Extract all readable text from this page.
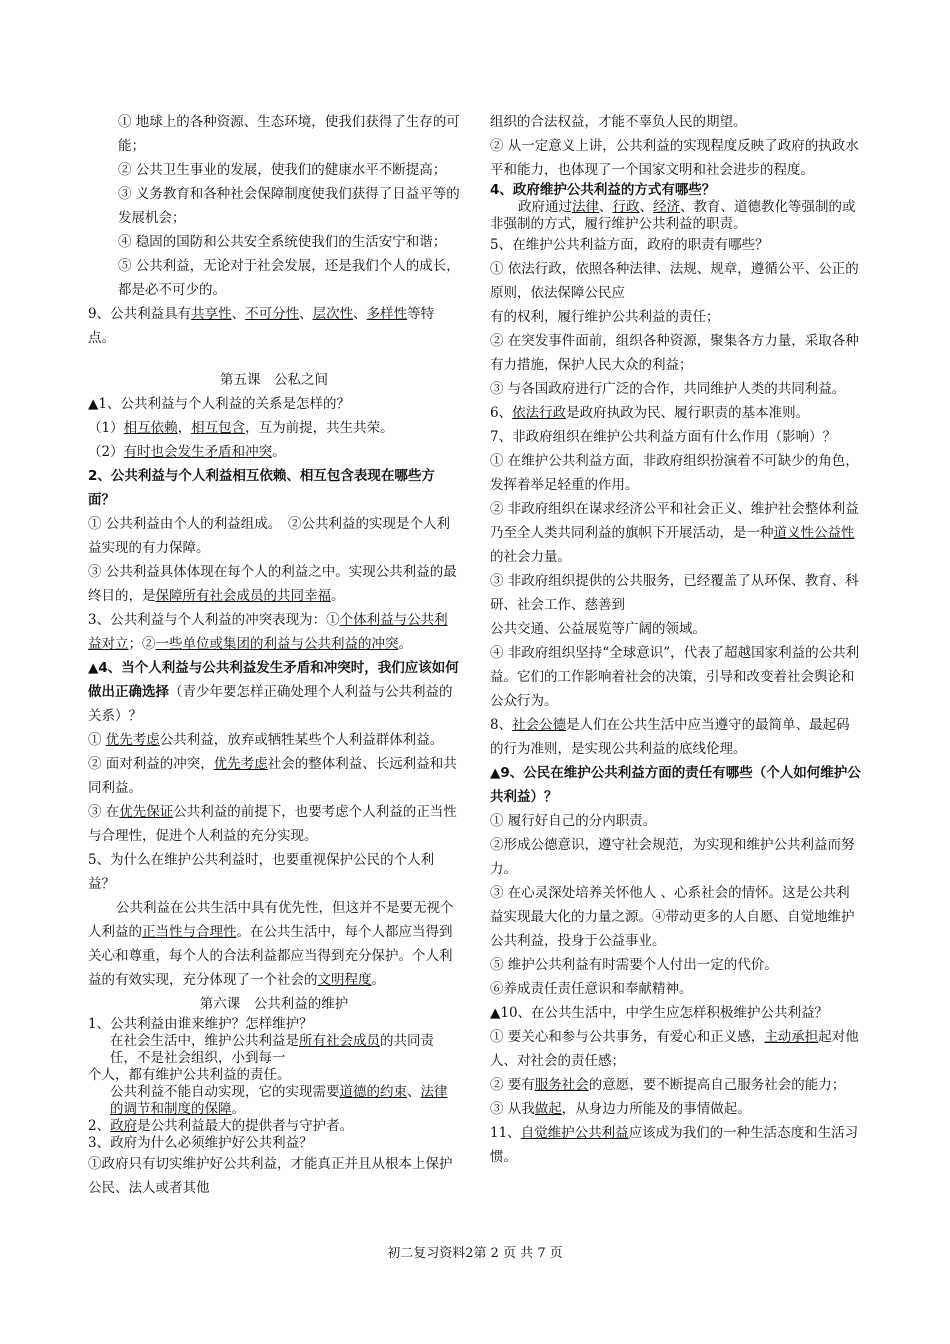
① 地球上的各种资源、生态环境，使我们获得了生存的可能；

② 公共卫生事业的发展，使我们的健康水平不断提高；

③ 义务教育和各种社会保障制度使我们获得了日益平等的发展机会；

④ 稳固的国防和公共安全系统使我们的生活安宁和谐；

⑤ 公共利益，无论对于社会发展，还是我们个人的成长，都是必不可少的。

9、公共利益具有共享性、不可分性、层次性、多样性等特点。

第五课　公私之间

▲1、公共利益与个人利益的关系是怎样的？

（1）相互依赖，相互包含，互为前提，共生共荣。

（2）有时也会发生矛盾和冲突。

2、公共利益与个人利益相互依赖、相互包含表现在哪些方面？

① 公共利益由个人的利益组成。　②公共利益的实现是个人利益实现的有力保障。

③ 公共利益具体体现在每个人的利益之中。实现公共利益的最终目的，是保障所有社会成员的共同幸福。

3、公共利益与个人利益的冲突表现为：①个体利益与公共利益对立；②一些单位或集团的利益与公共利益的冲突。

▲4、当个人利益与公共利益发生矛盾和冲突时，我们应该如何做出正确选择（青少年要怎样正确处理个人利益与公共利益的关系）？

① 优先考虑公共利益，放弃或牺牲某些个人利益群体利益。

② 面对利益的冲突，优先考虑社会的整体利益、长远利益和共同利益。

③ 在优先保证公共利益的前提下，也要考虑个人利益的正当性与合理性，促进个人利益的充分实现。

5、为什么在维护公共利益时，也要重视保护公民的个人利益？

公共利益在公共生活中具有优先性，但这并不是要无视个人利益的正当性与合理性。在公共生活中，每个人都应当得到关心和尊重，每个人的合法利益都应当得到充分保护。个人利益的有效实现，充分体现了一个社会的文明程度。

第六课　公共利益的维护

1、公共利益由谁来维护？怎样维护？

在社会生活中，维护公共利益是所有社会成员的共同责任，不是社会组织，小到每一

个人，都有维护公共利益的责任。

公共利益不能自动实现，它的实现需要道德的约束、法律的调节和制度的保障。

2、政府是公共利益最大的提供者与守护者。

3、政府为什么必须维护好公共利益？

①政府只有切实维护好公共利益，才能真正并且从根本上保护公民、法人或者其他

组织的合法权益，才能不辜负人民的期望。

② 从一定意义上讲，公共利益的实现程度反映了政府的执政水平和能力，也体现了一个国家文明和社会进步的程度。

4、政府维护公共利益的方式有哪些？

政府通过法律、行政、经济、教育、道德教化等强制的或非强制的方式，履行维护公共利益的职责。

5、在维护公共利益方面，政府的职责有哪些？

① 依法行政，依照各种法律、法规、规章，遵循公平、公正的原则，依法保障公民应

有的权利，履行维护公共利益的责任；

② 在突发事件面前，组织各种资源，聚集各方力量，采取各种有力措施，保护人民大众的利益；

③ 与各国政府进行广泛的合作，共同维护人类的共同利益。

6、依法行政是政府执政为民、履行职责的基本准则。

7、非政府组织在维护公共利益方面有什么作用（影响）？

① 在维护公共利益方面，非政府组织扮演着不可缺少的角色，发挥着举足轻重的作用。

② 非政府组织在谋求经济公平和社会正义、维护社会整体利益乃至全人类共同利益的旗帜下开展活动，是一种道义性公益性的社会力量。

③ 非政府组织提供的公共服务，已经覆盖了从环保、教育、科研、社会工作、慈善到

公共交通、公益展览等广阔的领域。

④ 非政府组织坚持“全球意识”，代表了超越国家利益的公共利益。它们的工作影响着社会的决策，引导和改变着社会舆论和公众行为。

8、社会公德是人们在公共生活中应当遵守的最简单、最起码的行为准则，是实现公共利益的底线伦理。

▲9、公民在维护公共利益方面的责任有哪些（个人如何维护公共利益）？

① 履行好自己的分内职责。

②形成公德意识，遵守社会规范，为实现和维护公共利益而努力。

③ 在心灵深处培养关怀他人 、心系社会的情怀。这是公共利益实现最大化的力量之源。④带动更多的人自愿、自觉地维护公共利益，投身于公益事业。

⑤ 维护公共利益有时需要个人付出一定的代价。

⑥养成责任责任意识和奉献精神。

▲10、在公共生活中，中学生应怎样积极维护公共利益？

① 要关心和参与公共事务，有爱心和正义感，主动承担起对他人、对社会的责任感；

② 要有服务社会的意愿，要不断提高自己服务社会的能力；

③ 从我做起，从身边力所能及的事情做起。

11、自觉维护公共利益应该成为我们的一种生活态度和生活习惯。

初二复习资料2第 2 页 共 7 页
